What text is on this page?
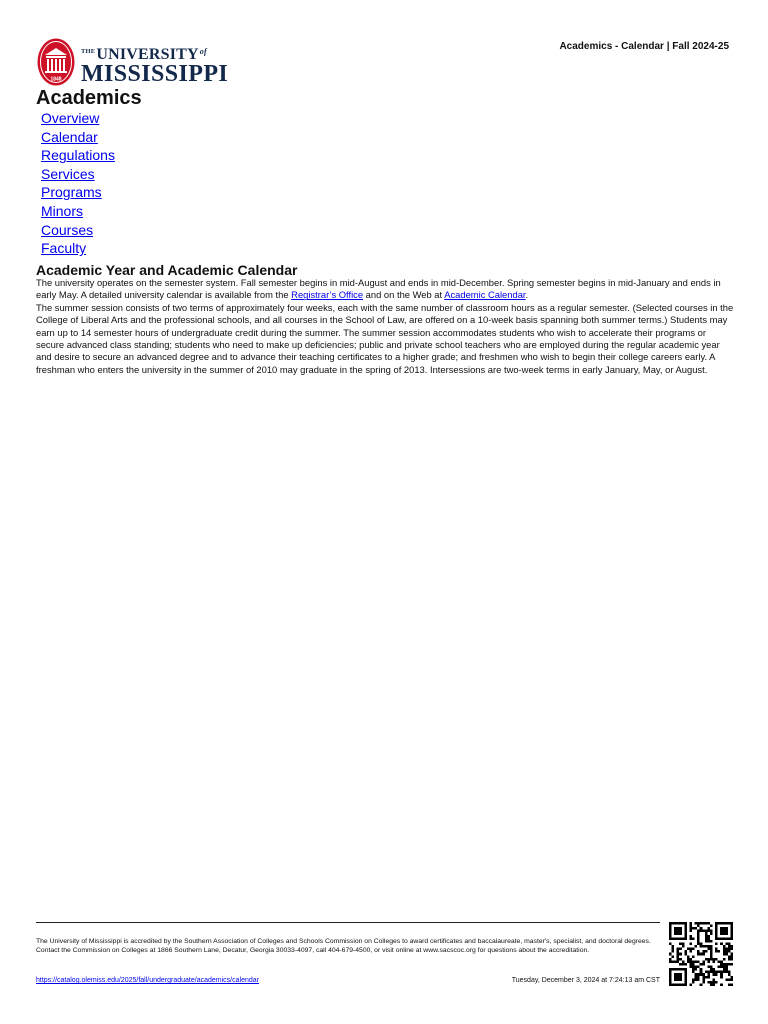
Academics - Calendar | Fall 2024-25
1848
$^{THE}UNIVERSITY^{of}$
MISSISSIPPI
Academics
Overview
Calendar
Regulations
Services
Programs
Minors
Courses
Faculty
Academic Year and Academic Calendar

The university operates on the semester system. Fall semester begins in mid-August and ends in mid-December. Spring semester begins in mid-January and ends in early May. A detailed university calendar is available from the Registrar’s Office and on the Web at Academic Calendar.

The summer session consists of two terms of approximately four weeks, each with the same number of classroom hours as a regular semester. (Selected courses in the College of Liberal Arts and the professional schools, and all courses in the School of Law, are offered on a 10-week basis spanning both summer terms.) Students may earn up to 14 semester hours of undergraduate credit during the summer. The summer session accommodates students who wish to accelerate their programs or secure advanced class standing; students who need to make up deficiencies; public and private school teachers who are employed during the regular academic year and desire to secure an advanced degree and to advance their teaching certificates to a higher grade; and freshmen who wish to begin their college careers early. A freshman who enters the university in the summer of 2010 may graduate in the spring of 2013. Intersessions are two-week terms in early January, May, or August.

The University of Mississippi is accredited by the Southern Association of Colleges and Schools Commission on Colleges to award certificates and baccalaureate, master's, specialist, and doctoral degrees. Contact the Commission on Colleges at 1866 Southern Lane, Decatur, Georgia 30033-4097, call 404-679-4500, or visit online at www.sacscoc.org for questions about the accreditation.
https://catalog.olemiss.edu/2025/fall/undergraduate/academics/calendar	Tuesday, December 3, 2024 at 7:24:13 am CST
